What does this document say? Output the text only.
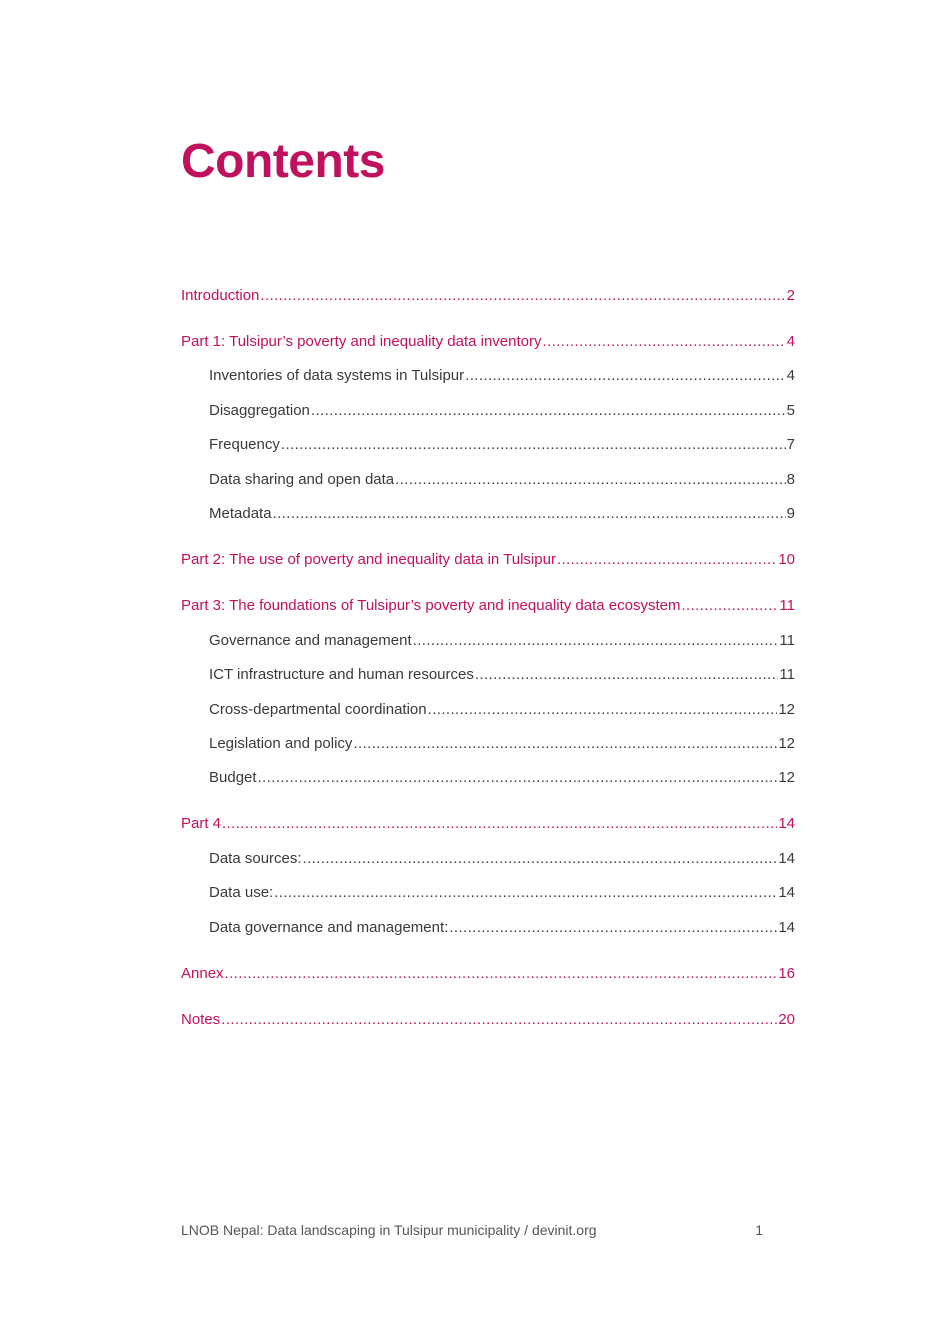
Contents
Introduction .....	2
Part 1: Tulsipur’s poverty and inequality data inventory .....	4
Inventories of data systems in Tulsipur .....	4
Disaggregation .....	5
Frequency .....	7
Data sharing and open data .....	8
Metadata .....	9
Part 2: The use of poverty and inequality data in Tulsipur .....	10
Part 3: The foundations of Tulsipur’s poverty and inequality data ecosystem .....	11
Governance and management .....	11
ICT infrastructure and human resources .....	11
Cross-departmental coordination .....	12
Legislation and policy .....	12
Budget .....	12
Part 4 .....	14
Data sources: .....	14
Data use: .....	14
Data governance and management: .....	14
Annex .....	16
Notes .....	20
LNOB Nepal: Data landscaping in Tulsipur municipality / devinit.org	1
